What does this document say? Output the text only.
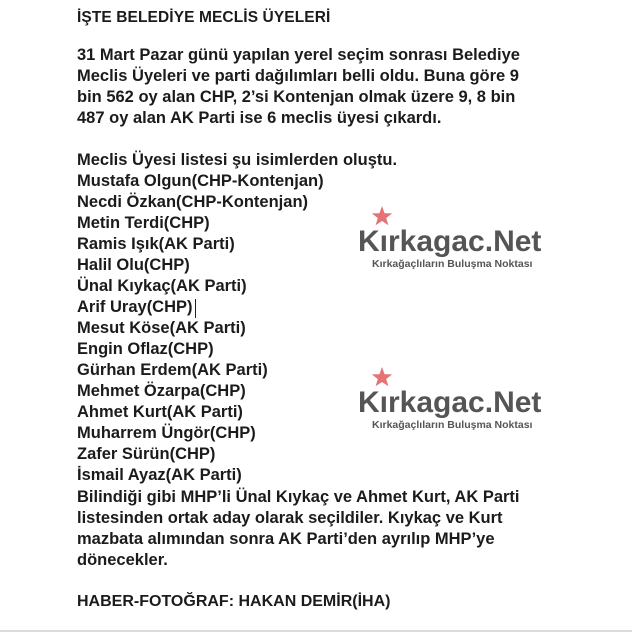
İŞTE BELEDİYE MECLİS ÜYELERİ

31 Mart Pazar günü yapılan yerel seçim sonrası Belediye Meclis Üyeleri ve parti dağılımları belli oldu. Buna göre 9 bin 562 oy alan CHP, 2’si Kontenjan olmak üzere 9, 8 bin 487 oy alan AK Parti ise 6 meclis üyesi çıkardı.

Meclis Üyesi listesi şu isimlerden oluştu.

Mustafa Olgun(CHP-Kontenjan)
Necdi Özkan(CHP-Kontenjan)
Metin Terdi(CHP)
Ramis Işık(AK Parti)
Halil Olu(CHP)
Ünal Kıykaç(AK Parti)
Arif Uray(CHP)
Mesut Köse(AK Parti)
Engin Oflaz(CHP)
Gürhan Erdem(AK Parti)
Mehmet Özarpa(CHP)
Ahmet Kurt(AK Parti)
Muharrem Üngör(CHP)
Zafer Sürün(CHP)
İsmail Ayaz(AK Parti)

Bilindiği gibi MHP’li Ünal Kıykaç ve Ahmet Kurt, AK Parti listesinden ortak aday olarak seçildiler. Kıykaç ve Kurt mazbata alımından sonra AK Parti’den ayrılıp MHP’ye dönecekler.

HABER-FOTOĞRAF: HAKAN DEMİR(İHA)

Kırkagac.Net
Kırkağaçlıların Buluşma Noktası
Kırkagac.Net
Kırkağaçlıların Buluşma Noktası
